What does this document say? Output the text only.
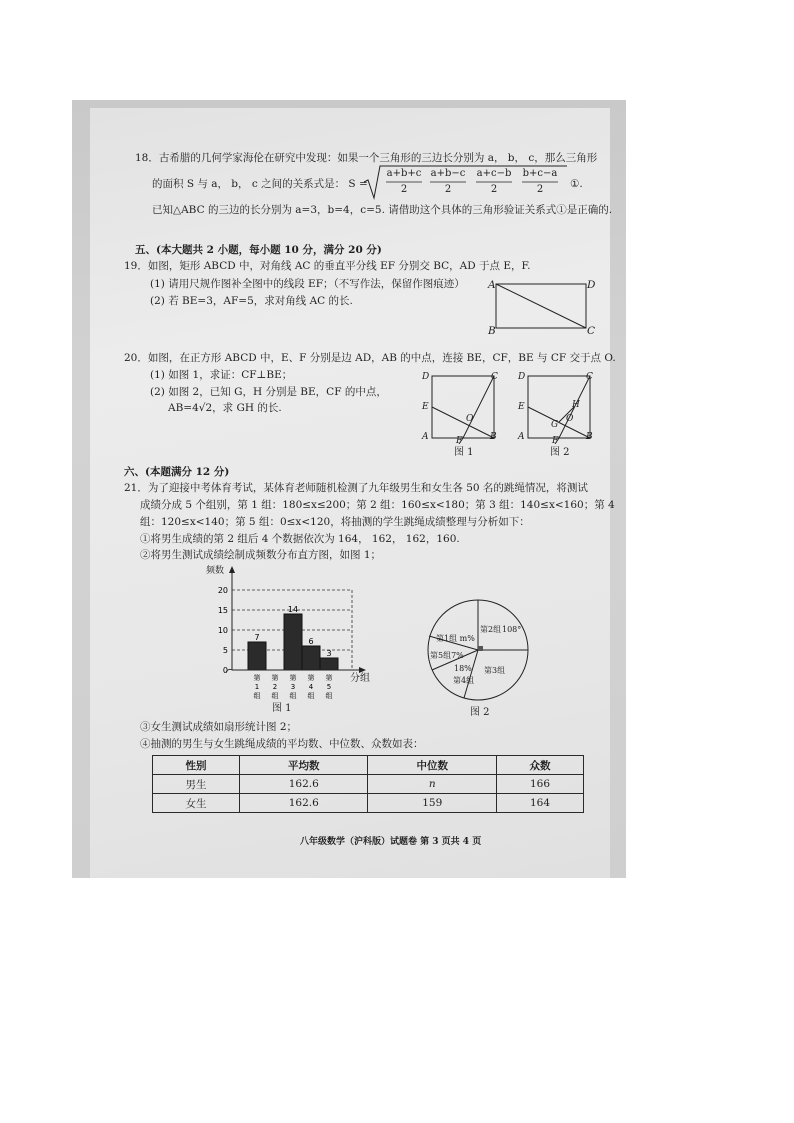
18．古希腊的几何学家海伦在研究中发现：如果一个三角形的三边长分别为 a， b， c，那么三角形
的面积 S 与 a， b， c 之间的关系式是： S =
a+b+c a+b−c a+c−b b+c−a
2	2	2	2	①.
已知△ABC 的三边的长分别为 a=3，b=4，c=5. 请借助这个具体的三角形验证关系式①是正确的.
五、(本大题共 2 小题，每小题 10 分，满分 20 分)
19．如图，矩形 ABCD 中，对角线 AC 的垂直平分线 EF 分别交 BC，AD 于点 E，F.
(1) 请用尺规作图补全图中的线段 EF；（不写作法，保留作图痕迹）
(2) 若 BE=3，AF=5，求对角线 AC 的长.
A	D
B	C
20．如图，在正方形 ABCD 中，E、F 分别是边 AD，AB 的中点，连接 BE，CF，BE 与 CF 交于点 O.
(1) 如图 1，求证：CF⊥BE；
(2) 如图 2，已知 G，H 分别是 BE，CF 的中点，
AB=4√2，求 GH 的长.
D	C
E
O
A	F	B
图 1
D	C
E	H
G
O
A	F	B
图 2
六、(本题满分 12 分)
21．为了迎接中考体育考试，某体育老师随机检测了九年级男生和女生各 50 名的跳绳情况，将测试
成绩分成 5 个组别，第 1 组：180≤x≤200；第 2 组：160≤x<180；第 3 组：140≤x<160；第 4
组：120≤x<140；第 5 组：0≤x<120，将抽测的学生跳绳成绩整理与分析如下：
①将男生成绩的第 2 组后 4 个数据依次为 164， 162， 162，160.
②将男生测试成绩绘制成频数分布直方图，如图 1；
0
5
10
15
20
7
第
1
组
第
2
组
14
第
3
组
6
第
4
组
3
第
5
组
频数
分组
图 1
第1组 m%
第2组 108°
第3组
第5组7%
18%
第4组
图 2
③女生测试成绩如扇形统计图 2；
④抽测的男生与女生跳绳成绩的平均数、中位数、众数如表：
性别	平均数	中位数	众数
男生	162.6	n	166
女生	162.6	159	164
八年级数学（沪科版）试题卷 第 3 页共 4 页
